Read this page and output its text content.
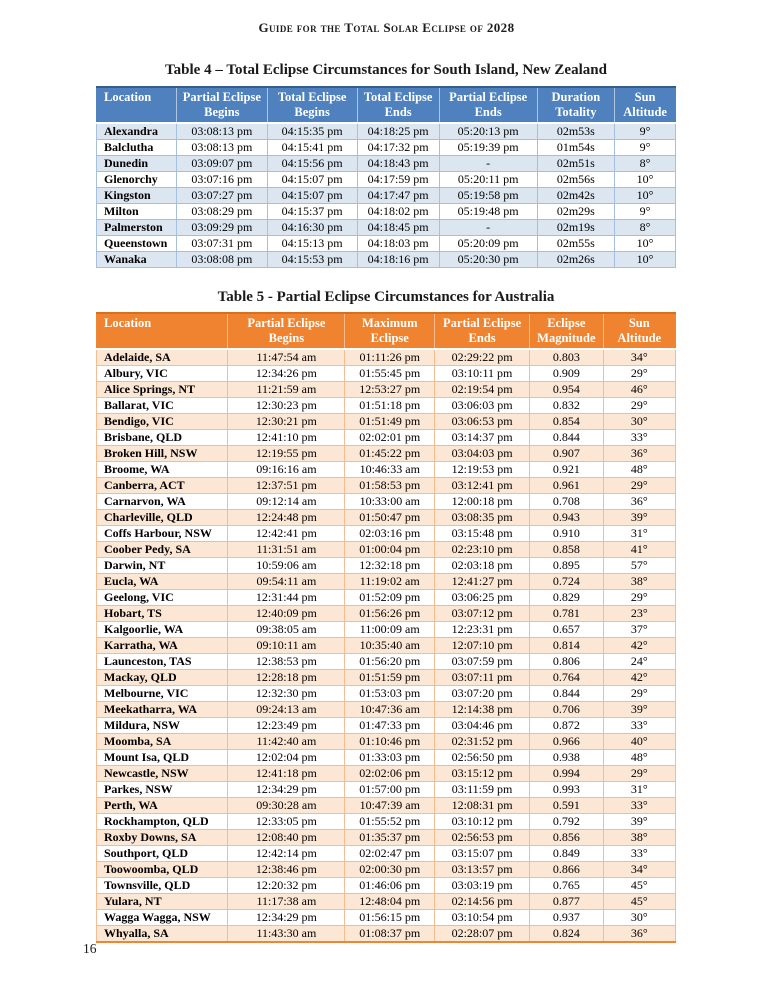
Guide for the Total Solar Eclipse of 2028
Table 4 – Total Eclipse Circumstances for South Island, New Zealand
Location	Partial Eclipse Begins	Total Eclipse Begins	Total Eclipse Ends	Partial Eclipse Ends	Duration Totality	Sun Altitude
Alexandra	03:08:13 pm	04:15:35 pm	04:18:25 pm	05:20:13 pm	02m53s	9°
Balclutha	03:08:13 pm	04:15:41 pm	04:17:32 pm	05:19:39 pm	01m54s	9°
Dunedin	03:09:07 pm	04:15:56 pm	04:18:43 pm	-	02m51s	8°
Glenorchy	03:07:16 pm	04:15:07 pm	04:17:59 pm	05:20:11 pm	02m56s	10°
Kingston	03:07:27 pm	04:15:07 pm	04:17:47 pm	05:19:58 pm	02m42s	10°
Milton	03:08:29 pm	04:15:37 pm	04:18:02 pm	05:19:48 pm	02m29s	9°
Palmerston	03:09:29 pm	04:16:30 pm	04:18:45 pm	-	02m19s	8°
Queenstown	03:07:31 pm	04:15:13 pm	04:18:03 pm	05:20:09 pm	02m55s	10°
Wanaka	03:08:08 pm	04:15:53 pm	04:18:16 pm	05:20:30 pm	02m26s	10°
Table 5 - Partial Eclipse Circumstances for Australia
Location	Partial Eclipse Begins	Maximum Eclipse	Partial Eclipse Ends	Eclipse Magnitude	Sun Altitude
Adelaide, SA	11:47:54 am	01:11:26 pm	02:29:22 pm	0.803	34°
Albury, VIC	12:34:26 pm	01:55:45 pm	03:10:11 pm	0.909	29°
Alice Springs, NT	11:21:59 am	12:53:27 pm	02:19:54 pm	0.954	46°
Ballarat, VIC	12:30:23 pm	01:51:18 pm	03:06:03 pm	0.832	29°
Bendigo, VIC	12:30:21 pm	01:51:49 pm	03:06:53 pm	0.854	30°
Brisbane, QLD	12:41:10 pm	02:02:01 pm	03:14:37 pm	0.844	33°
Broken Hill, NSW	12:19:55 pm	01:45:22 pm	03:04:03 pm	0.907	36°
Broome, WA	09:16:16 am	10:46:33 am	12:19:53 pm	0.921	48°
Canberra, ACT	12:37:51 pm	01:58:53 pm	03:12:41 pm	0.961	29°
Carnarvon, WA	09:12:14 am	10:33:00 am	12:00:18 pm	0.708	36°
Charleville, QLD	12:24:48 pm	01:50:47 pm	03:08:35 pm	0.943	39°
Coffs Harbour, NSW	12:42:41 pm	02:03:16 pm	03:15:48 pm	0.910	31°
Coober Pedy, SA	11:31:51 am	01:00:04 pm	02:23:10 pm	0.858	41°
Darwin, NT	10:59:06 am	12:32:18 pm	02:03:18 pm	0.895	57°
Eucla, WA	09:54:11 am	11:19:02 am	12:41:27 pm	0.724	38°
Geelong, VIC	12:31:44 pm	01:52:09 pm	03:06:25 pm	0.829	29°
Hobart, TS	12:40:09 pm	01:56:26 pm	03:07:12 pm	0.781	23°
Kalgoorlie, WA	09:38:05 am	11:00:09 am	12:23:31 pm	0.657	37°
Karratha, WA	09:10:11 am	10:35:40 am	12:07:10 pm	0.814	42°
Launceston, TAS	12:38:53 pm	01:56:20 pm	03:07:59 pm	0.806	24°
Mackay, QLD	12:28:18 pm	01:51:59 pm	03:07:11 pm	0.764	42°
Melbourne, VIC	12:32:30 pm	01:53:03 pm	03:07:20 pm	0.844	29°
Meekatharra, WA	09:24:13 am	10:47:36 am	12:14:38 pm	0.706	39°
Mildura, NSW	12:23:49 pm	01:47:33 pm	03:04:46 pm	0.872	33°
Moomba, SA	11:42:40 am	01:10:46 pm	02:31:52 pm	0.966	40°
Mount Isa, QLD	12:02:04 pm	01:33:03 pm	02:56:50 pm	0.938	48°
Newcastle, NSW	12:41:18 pm	02:02:06 pm	03:15:12 pm	0.994	29°
Parkes, NSW	12:34:29 pm	01:57:00 pm	03:11:59 pm	0.993	31°
Perth, WA	09:30:28 am	10:47:39 am	12:08:31 pm	0.591	33°
Rockhampton, QLD	12:33:05 pm	01:55:52 pm	03:10:12 pm	0.792	39°
Roxby Downs, SA	12:08:40 pm	01:35:37 pm	02:56:53 pm	0.856	38°
Southport, QLD	12:42:14 pm	02:02:47 pm	03:15:07 pm	0.849	33°
Toowoomba, QLD	12:38:46 pm	02:00:30 pm	03:13:57 pm	0.866	34°
Townsville, QLD	12:20:32 pm	01:46:06 pm	03:03:19 pm	0.765	45°
Yulara, NT	11:17:38 am	12:48:04 pm	02:14:56 pm	0.877	45°
Wagga Wagga, NSW	12:34:29 pm	01:56:15 pm	03:10:54 pm	0.937	30°
Whyalla, SA	11:43:30 am	01:08:37 pm	02:28:07 pm	0.824	36°
16
